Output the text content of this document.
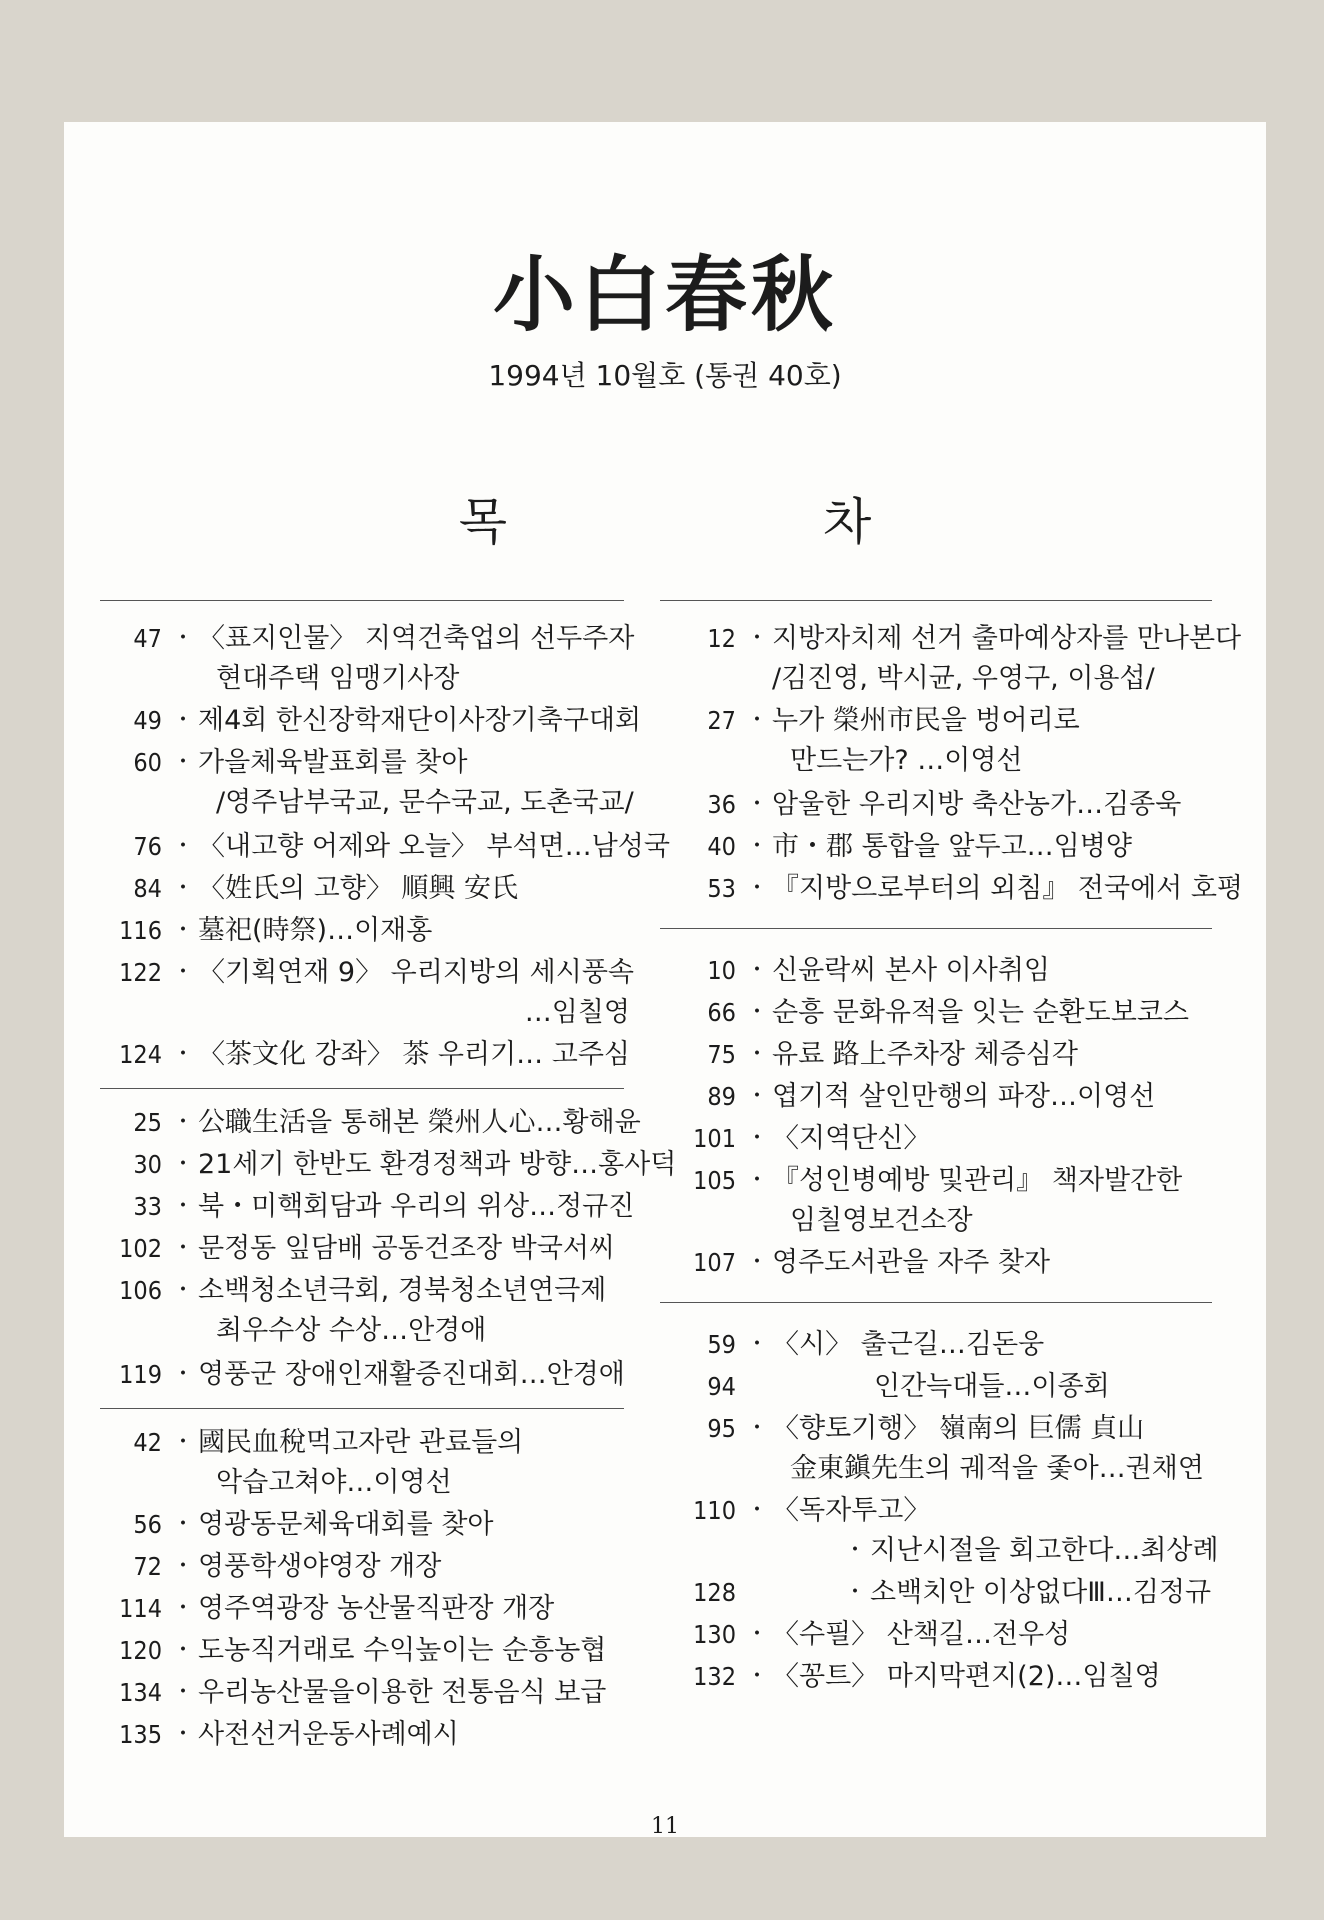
小白春秋
1994년 10월호 (통권 40호)
목 차
47 ・ 〈표지인물〉 지역건축업의 선두주자
현대주택 임맹기사장
49 ・ 제4회 한신장학재단이사장기축구대회
60 ・ 가을체육발표회를 찾아
/영주남부국교, 문수국교, 도촌국교/
76 ・ 〈내고향 어제와 오늘〉 부석면…남성국
84 ・ 〈姓氏의 고향〉 順興 安氏
116 ・ 墓祀(時祭)…이재홍
122 ・ 〈기획연재 9〉 우리지방의 세시풍속
…임칠영
124 ・ 〈茶文化 강좌〉 茶 우리기… 고주심
25 ・ 公職生活을 통해본 榮州人心…황해윤
30 ・ 21세기 한반도 환경정책과 방향…홍사덕
33 ・ 북・미핵회담과 우리의 위상…정규진
102 ・ 문정동 잎담배 공동건조장 박국서씨
106 ・ 소백청소년극회, 경북청소년연극제
최우수상 수상…안경애
119 ・ 영풍군 장애인재활증진대회…안경애
42 ・ 國民血稅먹고자란 관료들의
악습고쳐야…이영선
56 ・ 영광동문체육대회를 찾아
72 ・ 영풍학생야영장 개장
114 ・ 영주역광장 농산물직판장 개장
120 ・ 도농직거래로 수익높이는 순흥농협
134 ・ 우리농산물을이용한 전통음식 보급
135 ・ 사전선거운동사례예시
12 ・ 지방자치제 선거 출마예상자를 만나본다
/김진영, 박시균, 우영구, 이용섭/
27 ・ 누가 榮州市民을 벙어리로
만드는가? …이영선
36 ・ 암울한 우리지방 축산농가…김종욱
40 ・ 市・郡 통합을 앞두고…임병양
53 ・ 『지방으로부터의 외침』 전국에서 호평
10 ・ 신윤락씨 본사 이사취임
66 ・ 순흥 문화유적을 잇는 순환도보코스
75 ・ 유료 路上주차장 체증심각
89 ・ 엽기적 살인만행의 파장…이영선
101 ・ 〈지역단신〉
105 ・ 『성인병예방 및관리』 책자발간한
임칠영보건소장
107 ・ 영주도서관을 자주 찾자
59 ・ 〈시〉 출근길…김돈웅
94	인간늑대들…이종회
95 ・ 〈향토기행〉 嶺南의 巨儒 貞山
金東鎭先生의 궤적을 좇아…권채연
110 ・ 〈독자투고〉
・ 지난시절을 회고한다…최상례
128	・ 소백치안 이상없다Ⅲ…김정규
130 ・ 〈수필〉 산책길…전우성
132 ・ 〈꽁트〉 마지막편지(2)…임칠영
11
